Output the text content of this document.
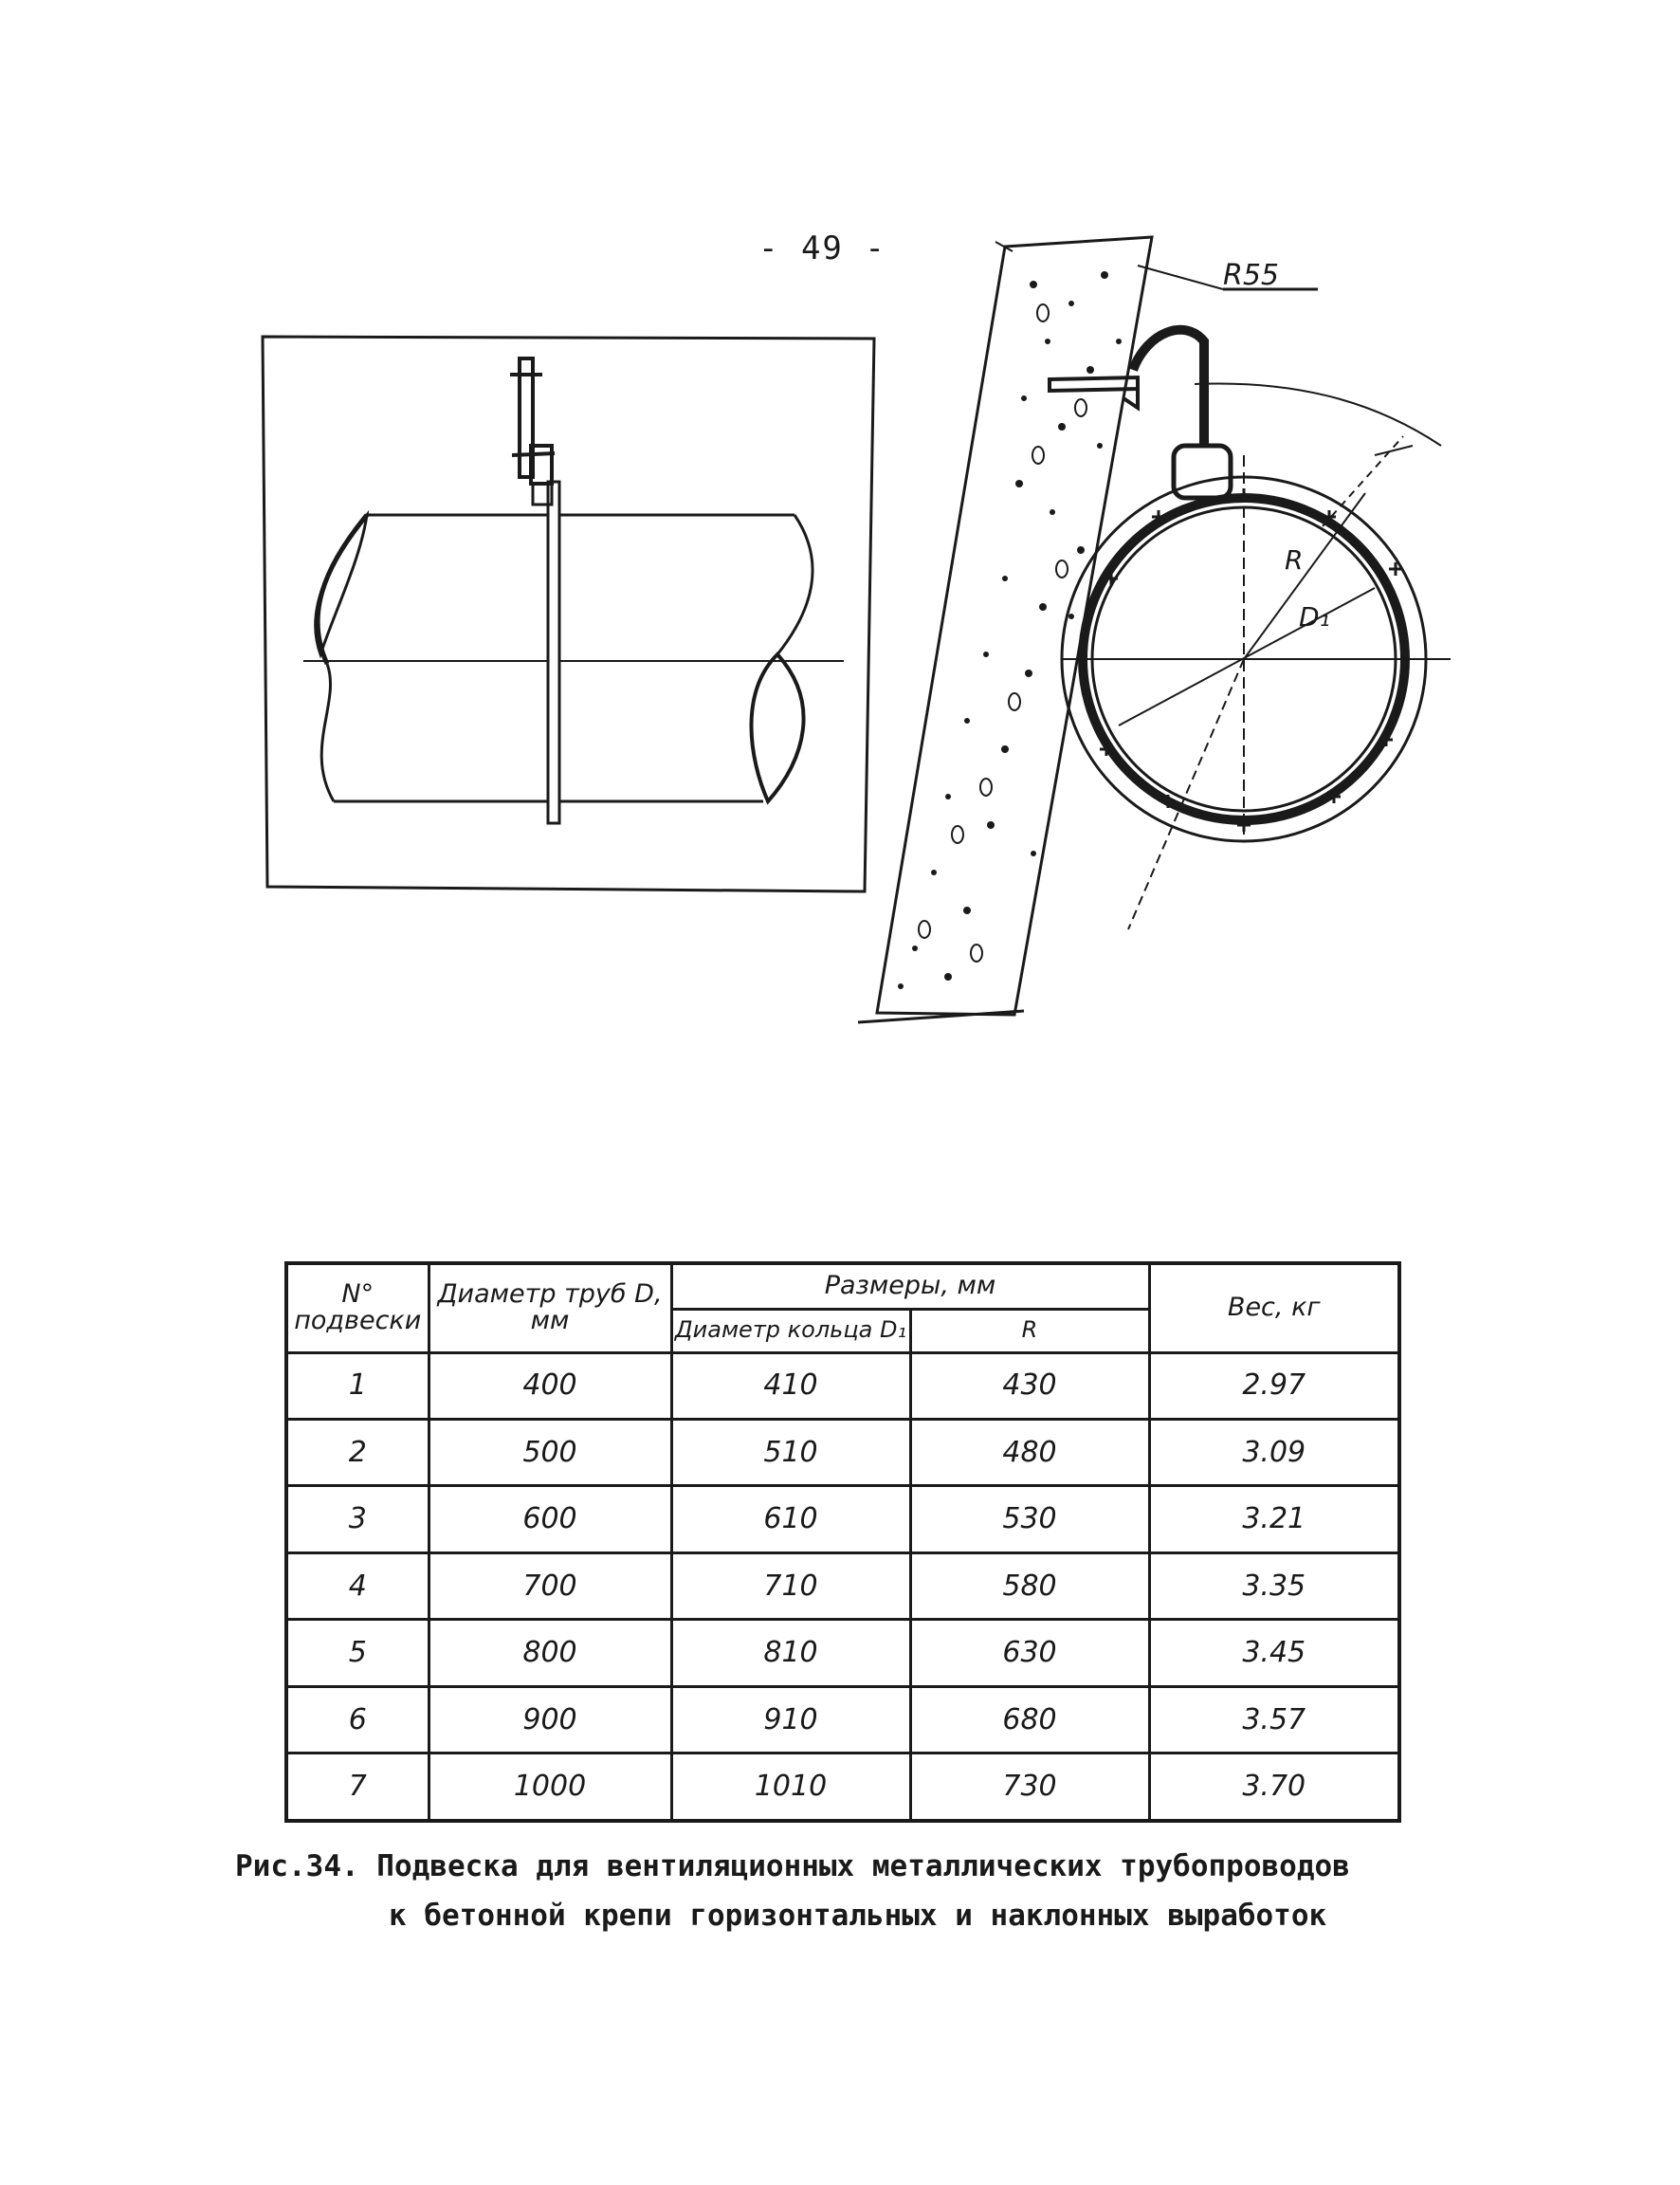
- 49 -
R55
R
D₁
N° подвески	Диаметр труб D, мм	Размеры, мм		Вес, кг
		Диаметр кольца D₁	R	
1	400	410	430	2.97
2	500	510	480	3.09
3	600	610	530	3.21
4	700	710	580	3.35
5	800	810	630	3.45
6	900	910	680	3.57
7	1000	1010	730	3.70
Рис.34. Подвеска для вентиляционных металлических трубопроводов
к бетонной крепи горизонтальных и наклонных выработок
